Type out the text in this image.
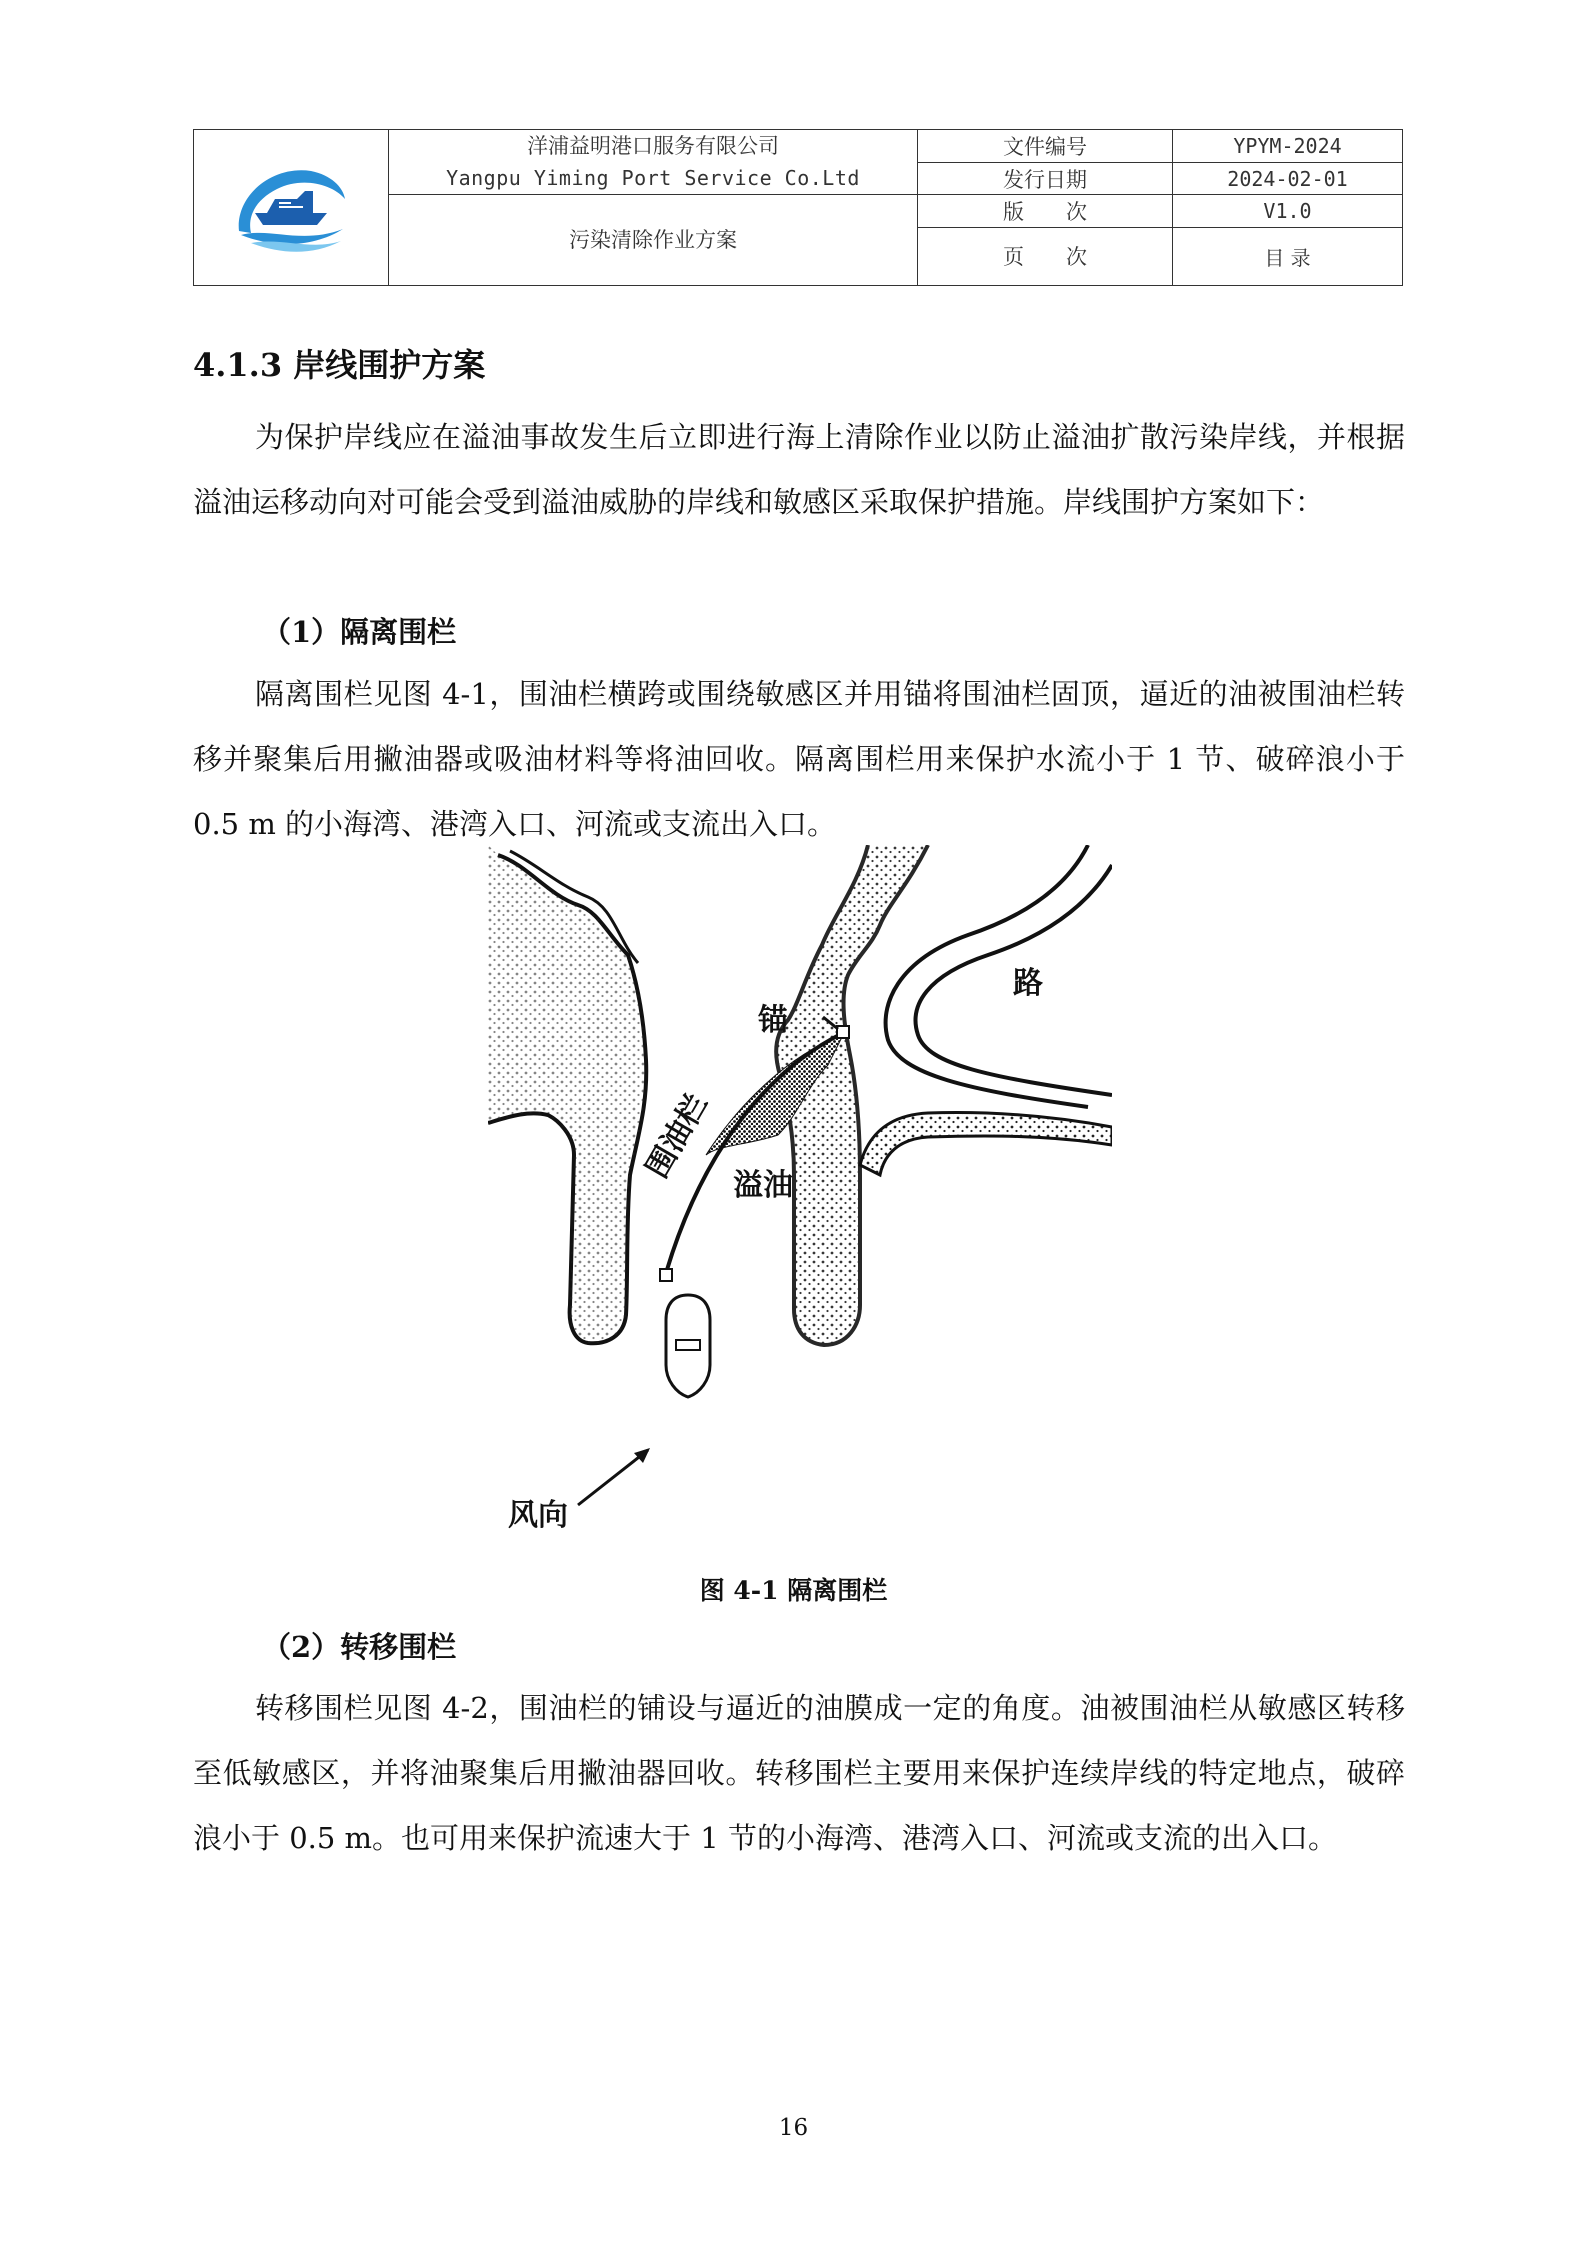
洋浦益明港口服务有限公司
Yangpu Yiming Port Service Co.Ltd	文件编号	YPYM-2024
		发行日期	2024-02-01
	污染清除作业方案	版　　次	V1.0
		页　　次	目 录
4.1.3 岸线围护方案

为保护岸线应在溢油事故发生后立即进行海上清除作业以防止溢油扩散污染岸线，并根据溢油运移动向对可能会受到溢油威胁的岸线和敏感区采取保护措施。岸线围护方案如下：

（1）隔离围栏

隔离围栏见图 4-1，围油栏横跨或围绕敏感区并用锚将围油栏固顶，逼近的油被围油栏转移并聚集后用撇油器或吸油材料等将油回收。隔离围栏用来保护水流小于 1 节、破碎浪小于 0.5 m 的小海湾、港湾入口、河流或支流出入口。

锚
路
围油栏
溢油
风向

图 4-1 隔离围栏

（2）转移围栏

转移围栏见图 4-2，围油栏的铺设与逼近的油膜成一定的角度。油被围油栏从敏感区转移至低敏感区，并将油聚集后用撇油器回收。转移围栏主要用来保护连续岸线的特定地点，破碎浪小于 0.5 m。也可用来保护流速大于 1 节的小海湾、港湾入口、河流或支流的出入口。

16
